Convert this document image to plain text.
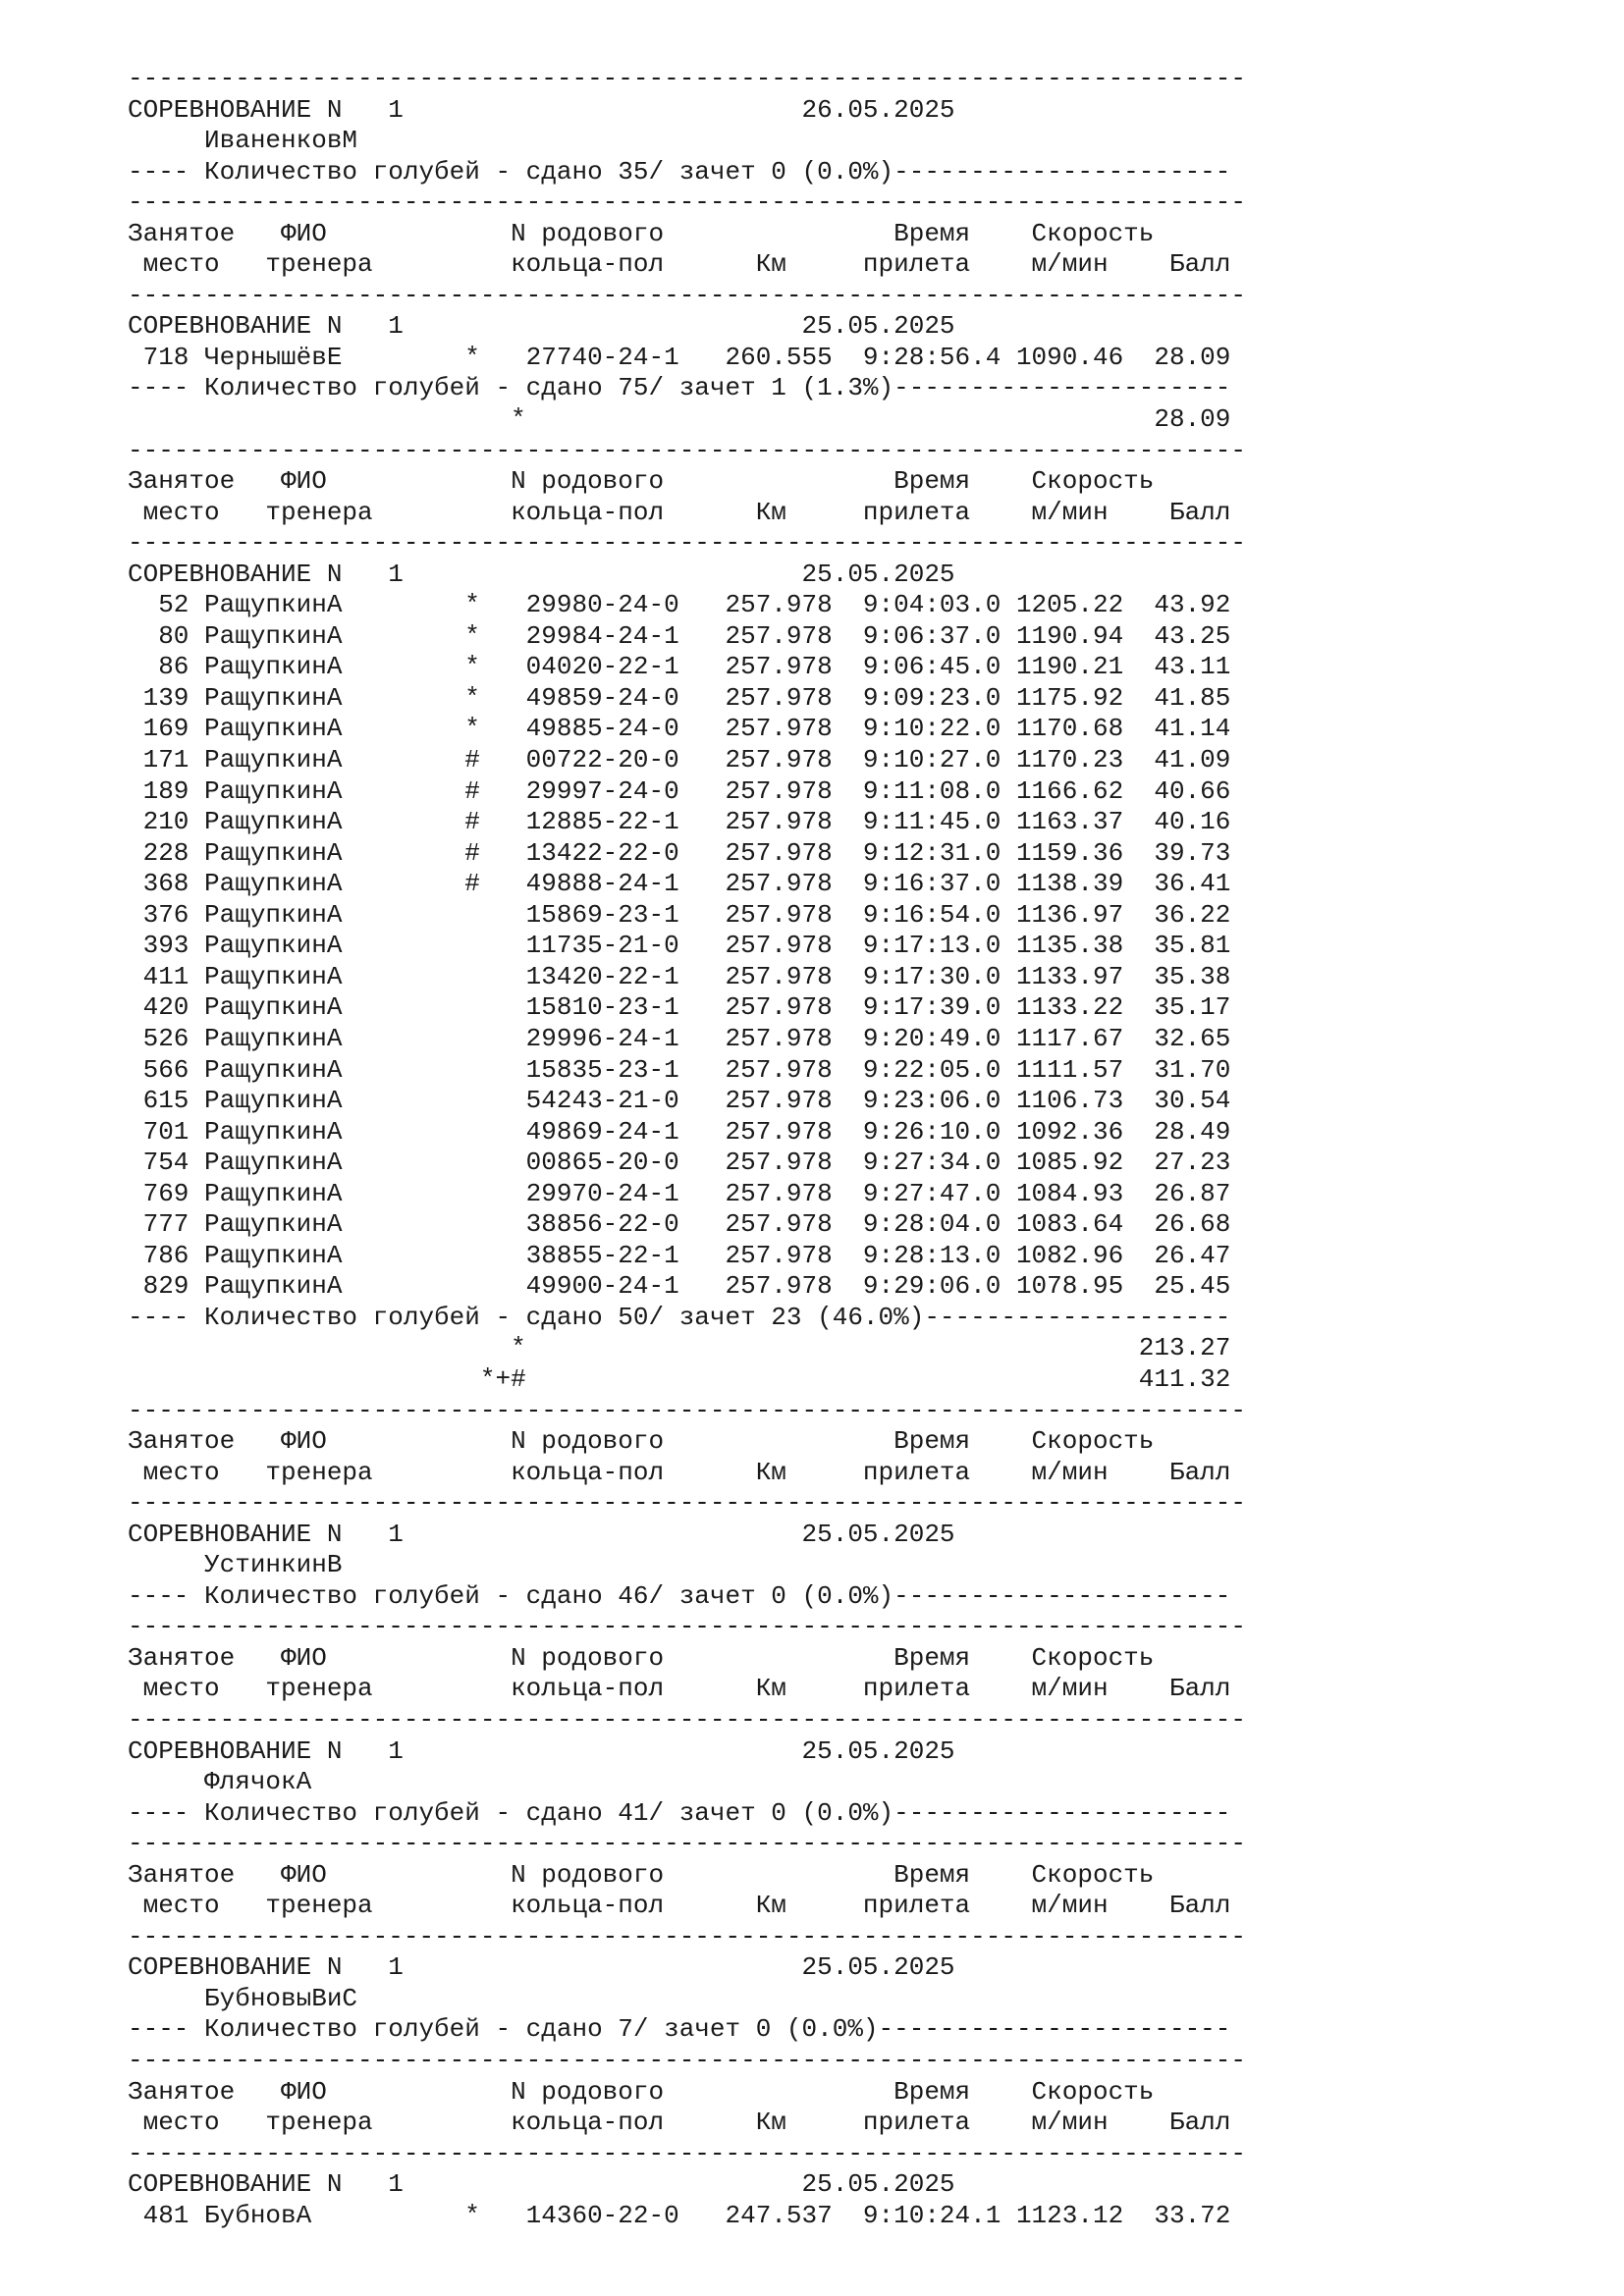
-------------------------------------------------------------------------
СОРЕВНОВАНИЕ N   1                          26.05.2025
ИваненковМ
---- Количество голубей - сдано 35/ зачет 0 (0.0%)----------------------
-------------------------------------------------------------------------
Занятое   ФИО            N родового               Время    Скорость
место   тренера         кольца-пол      Км     прилета    м/мин    Балл
-------------------------------------------------------------------------
СОРЕВНОВАНИЕ N   1                          25.05.2025
718 ЧернышёвЕ        *   27740-24-1   260.555  9:28:56.4 1090.46  28.09
---- Количество голубей - сдано 75/ зачет 1 (1.3%)----------------------
*                                         28.09
-------------------------------------------------------------------------
Занятое   ФИО            N родового               Время    Скорость
место   тренера         кольца-пол      Км     прилета    м/мин    Балл
-------------------------------------------------------------------------
СОРЕВНОВАНИЕ N   1                          25.05.2025
52 РащупкинА        *   29980-24-0   257.978  9:04:03.0 1205.22  43.92
80 РащупкинА        *   29984-24-1   257.978  9:06:37.0 1190.94  43.25
86 РащупкинА        *   04020-22-1   257.978  9:06:45.0 1190.21  43.11
139 РащупкинА        *   49859-24-0   257.978  9:09:23.0 1175.92  41.85
169 РащупкинА        *   49885-24-0   257.978  9:10:22.0 1170.68  41.14
171 РащупкинА        #   00722-20-0   257.978  9:10:27.0 1170.23  41.09
189 РащупкинА        #   29997-24-0   257.978  9:11:08.0 1166.62  40.66
210 РащупкинА        #   12885-22-1   257.978  9:11:45.0 1163.37  40.16
228 РащупкинА        #   13422-22-0   257.978  9:12:31.0 1159.36  39.73
368 РащупкинА        #   49888-24-1   257.978  9:16:37.0 1138.39  36.41
376 РащупкинА            15869-23-1   257.978  9:16:54.0 1136.97  36.22
393 РащупкинА            11735-21-0   257.978  9:17:13.0 1135.38  35.81
411 РащупкинА            13420-22-1   257.978  9:17:30.0 1133.97  35.38
420 РащупкинА            15810-23-1   257.978  9:17:39.0 1133.22  35.17
526 РащупкинА            29996-24-1   257.978  9:20:49.0 1117.67  32.65
566 РащупкинА            15835-23-1   257.978  9:22:05.0 1111.57  31.70
615 РащупкинА            54243-21-0   257.978  9:23:06.0 1106.73  30.54
701 РащупкинА            49869-24-1   257.978  9:26:10.0 1092.36  28.49
754 РащупкинА            00865-20-0   257.978  9:27:34.0 1085.92  27.23
769 РащупкинА            29970-24-1   257.978  9:27:47.0 1084.93  26.87
777 РащупкинА            38856-22-0   257.978  9:28:04.0 1083.64  26.68
786 РащупкинА            38855-22-1   257.978  9:28:13.0 1082.96  26.47
829 РащупкинА            49900-24-1   257.978  9:29:06.0 1078.95  25.45
---- Количество голубей - сдано 50/ зачет 23 (46.0%)--------------------
*                                        213.27
*+#                                        411.32
-------------------------------------------------------------------------
Занятое   ФИО            N родового               Время    Скорость
место   тренера         кольца-пол      Км     прилета    м/мин    Балл
-------------------------------------------------------------------------
СОРЕВНОВАНИЕ N   1                          25.05.2025
УстинкинВ
---- Количество голубей - сдано 46/ зачет 0 (0.0%)----------------------
-------------------------------------------------------------------------
Занятое   ФИО            N родового               Время    Скорость
место   тренера         кольца-пол      Км     прилета    м/мин    Балл
-------------------------------------------------------------------------
СОРЕВНОВАНИЕ N   1                          25.05.2025
ФлячокА
---- Количество голубей - сдано 41/ зачет 0 (0.0%)----------------------
-------------------------------------------------------------------------
Занятое   ФИО            N родового               Время    Скорость
место   тренера         кольца-пол      Км     прилета    м/мин    Балл
-------------------------------------------------------------------------
СОРЕВНОВАНИЕ N   1                          25.05.2025
БубновыВиС
---- Количество голубей - сдано 7/ зачет 0 (0.0%)-----------------------
-------------------------------------------------------------------------
Занятое   ФИО            N родового               Время    Скорость
место   тренера         кольца-пол      Км     прилета    м/мин    Балл
-------------------------------------------------------------------------
СОРЕВНОВАНИЕ N   1                          25.05.2025
481 БубновА          *   14360-22-0   247.537  9:10:24.1 1123.12  33.72
